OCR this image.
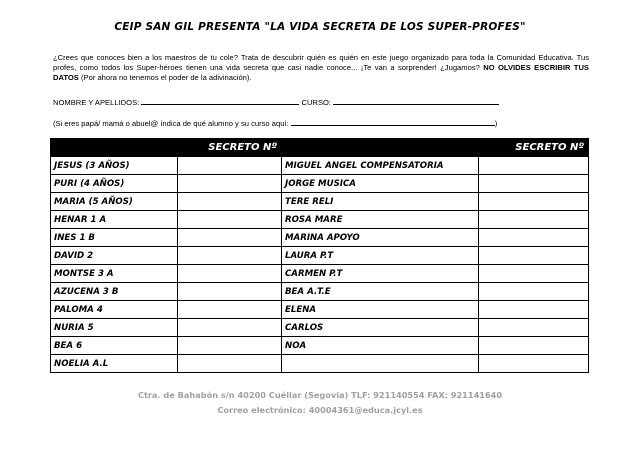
CEIP SAN GIL PRESENTA "LA VIDA SECRETA DE LOS SUPER-PROFES"
¿Crees que conoces bien a los maestros de tu cole? Trata de descubrir quién es quién en este juego organizado para toda la Comunidad Educativa. Tus profes, como todos los Super-héroes tienen una vida secreta que casi nadie conoce... ¡Te van a sorprender! ¿Jugamos? NO OLVIDES ESCRIBIR TUS DATOS (Por ahora no tenemos el poder de la adivinación).
NOMBRE Y APELLIDOS:	CURSO:
(Si eres papá/ mamá o abuel@ índica de qué alumno y su curso aquí:	)
	SECRETO Nº		SECRETO Nº
JESUS (3 AÑOS)		MIGUEL ANGEL COMPENSATORIA	
PURI (4 AÑOS)		JORGE MUSICA	
MARIA (5 AÑOS)		TERE RELI	
HENAR 1 A		ROSA MARE	
INES 1 B		MARINA APOYO	
DAVID 2		LAURA P.T	
MONTSE 3 A		CARMEN P.T	
AZUCENA 3 B		BEA A.T.E	
PALOMA 4		ELENA	
NURIA 5		CARLOS	
BEA 6		NOA	
NOELIA A.L			
Ctra. de Bahabón s/n 40200 Cuéllar (Segovia) TLF: 921140554 FAX: 921141640
Correo electrónico: 40004361@educa.jcyl.es
